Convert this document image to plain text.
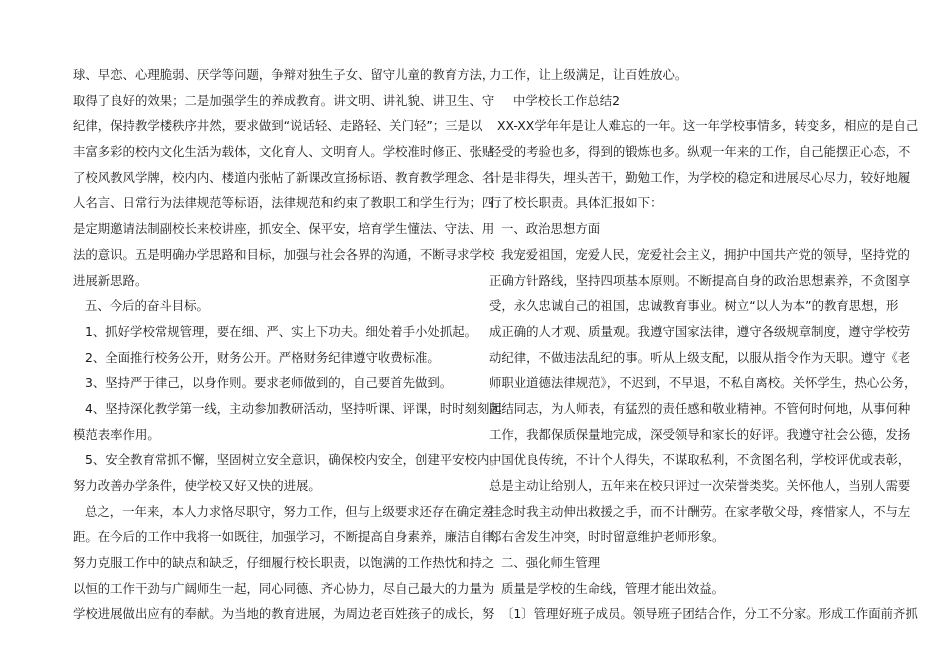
球、早恋、心理脆弱、厌学等问题，争辩对独生子女、留守儿童的教育方法，
取得了良好的效果；二是加强学生的养成教育。讲文明、讲礼貌、讲卫生、守
纪律，保持教学楼秩序井然，要求做到“说话轻、走路轻、关门轻”；三是以
丰富多彩的校内文化生活为载体，文化育人、文明育人。学校准时修正、张贴
了校风教风学牌，校内内、楼道内张帖了新课改宣扬标语、教育教学理念、名
人名言、日常行为法律规范等标语，法律规范和约束了教职工和学生行为；四
是定期邀请法制副校长来校讲座，抓安全、保平安，培育学生懂法、守法、用
法的意识。五是明确办学思路和目标，加强与社会各界的沟通，不断寻求学校
进展新思路。
五、今后的奋斗目标。
1、抓好学校常规管理，要在细、严、实上下功夫。细处着手小处抓起。
2、全面推行校务公开，财务公开。严格财务纪律遵守收费标准。
3、坚持严于律己，以身作则。要求老师做到的，自己要首先做到。
4、坚持深化教学第一线，主动参加教研活动，坚持听课、评课，时时刻刻起
模范表率作用。
5、安全教育常抓不懈，坚固树立安全意识，确保校内安全，创建平安校内。
努力改善办学条件，使学校又好又快的进展。
总之，一年来，本人力求恪尽职守，努力工作，但与上级要求还存在确定差
距。在今后的工作中我将一如既往，加强学习，不断提高自身素养，廉洁自律，
努力克服工作中的缺点和缺乏，仔细履行校长职责，以饱满的工作热忱和持之
以恒的工作干劲与广阔师生一起，同心同德、齐心协力，尽自己最大的力量为
学校进展做出应有的奉献。为当地的教育进展，为周边老百姓孩子的成长，努
力工作，让上级满足，让百姓放心。
中学校长工作总结2
XX-XX学年年是让人难忘的一年。这一年学校事情多，转变多，相应的是自己
经受的考验也多，得到的锻炼也多。纵观一年来的工作，自己能摆正心态，不
计是非得失，埋头苦干，勤勉工作，为学校的稳定和进展尽心尽力，较好地履
行了校长职责。具体汇报如下：
一、政治思想方面
我宠爱祖国，宠爱人民，宠爱社会主义，拥护中国共产党的领导，坚持党的
正确方针路线，坚持四项基本原则。不断提高自身的政治思想素养，不贪图享
受，永久忠诚自己的祖国，忠诚教育事业。树立“以人为本”的教育思想，形
成正确的人才观、质量观。我遵守国家法律，遵守各级规章制度，遵守学校劳
动纪律，不做违法乱纪的事。听从上级支配，以服从指令作为天职。遵守《老
师职业道德法律规范》，不迟到，不早退，不私自离校。关怀学生，热心公务，
团结同志，为人师表，有猛烈的责任感和敬业精神。不管何时何地，从事何种
工作，我都保质保量地完成，深受领导和家长的好评。我遵守社会公德，发扬
中国优良传统，不计个人得失，不谋取私利，不贪图名利，学校评优或表彰，
总是主动让给别人，五年来在校只评过一次荣誉类奖。关怀他人，当别人需要
挂念时我主动伸出救援之手，而不计酬劳。在家孝敬父母，疼惜家人，不与左
邻右舍发生冲突，时时留意维护老师形象。
二、强化师生管理
质量是学校的生命线，管理才能出效益。
〔1〕管理好班子成员。领导班子团结合作，分工不分家。形成工作面前齐抓
